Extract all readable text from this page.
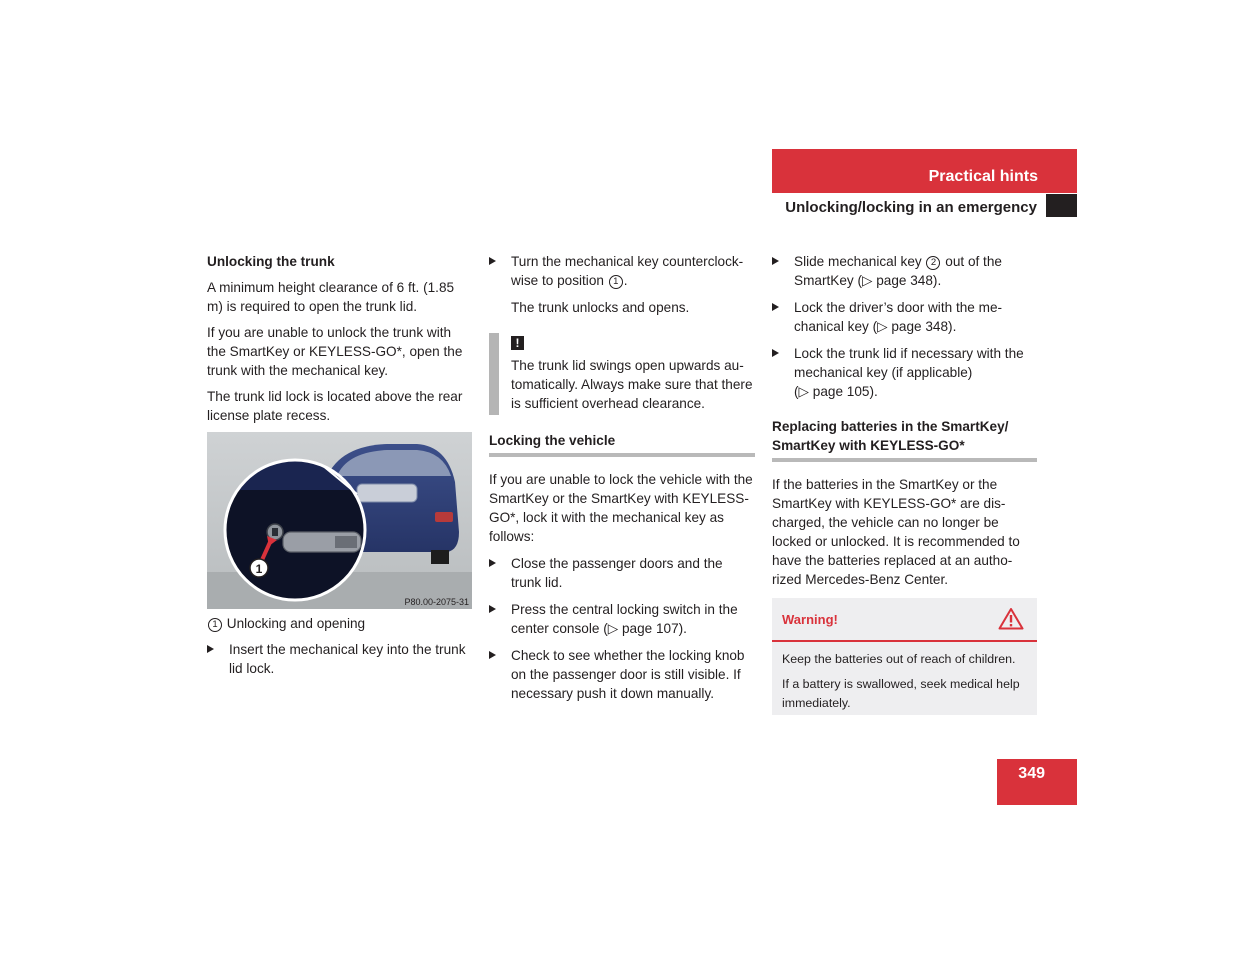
Practical hints
Unlocking/locking in an emergency

Unlocking the trunk

A minimum height clearance of 6 ft. (1.85 m) is required to open the trunk lid.

If you are unable to unlock the trunk with the SmartKey or KEYLESS-GO*, open the trunk with the mechanical key.

The trunk lid lock is located above the rear license plate recess.

1
P80.00-2075-31

1 Unlocking and opening

Insert the mechanical key into the trunk lid lock.
Turn the mechanical key counterclock-wise to position 1 .

The trunk unlocks and opens.

!

The trunk lid swings open upwards au-tomatically. Always make sure that there is sufficient overhead clearance.

Locking the vehicle

If you are unable to lock the vehicle with the SmartKey or the SmartKey with KEYLESS-GO*, lock it with the mechanical key as follows:

Close the passenger doors and the trunk lid.
Press the central locking switch in the center console (▷ page 107).
Check to see whether the locking knob on the passenger door is still visible. If necessary push it down manually.
Slide mechanical key 2 out of the SmartKey (▷ page 348).
Lock the driver’s door with the me-chanical key (▷ page 348).
Lock the trunk lid if necessary with the mechanical key (if applicable)
(▷ page 105).

Replacing batteries in the SmartKey/ SmartKey with KEYLESS-GO*

If the batteries in the SmartKey or the SmartKey with KEYLESS-GO* are dis-charged, the vehicle can no longer be locked or unlocked. It is recommended to have the batteries replaced at an autho-rized Mercedes-Benz Center.

Warning!

Keep the batteries out of reach of children.

If a battery is swallowed, seek medical help immediately.

349
